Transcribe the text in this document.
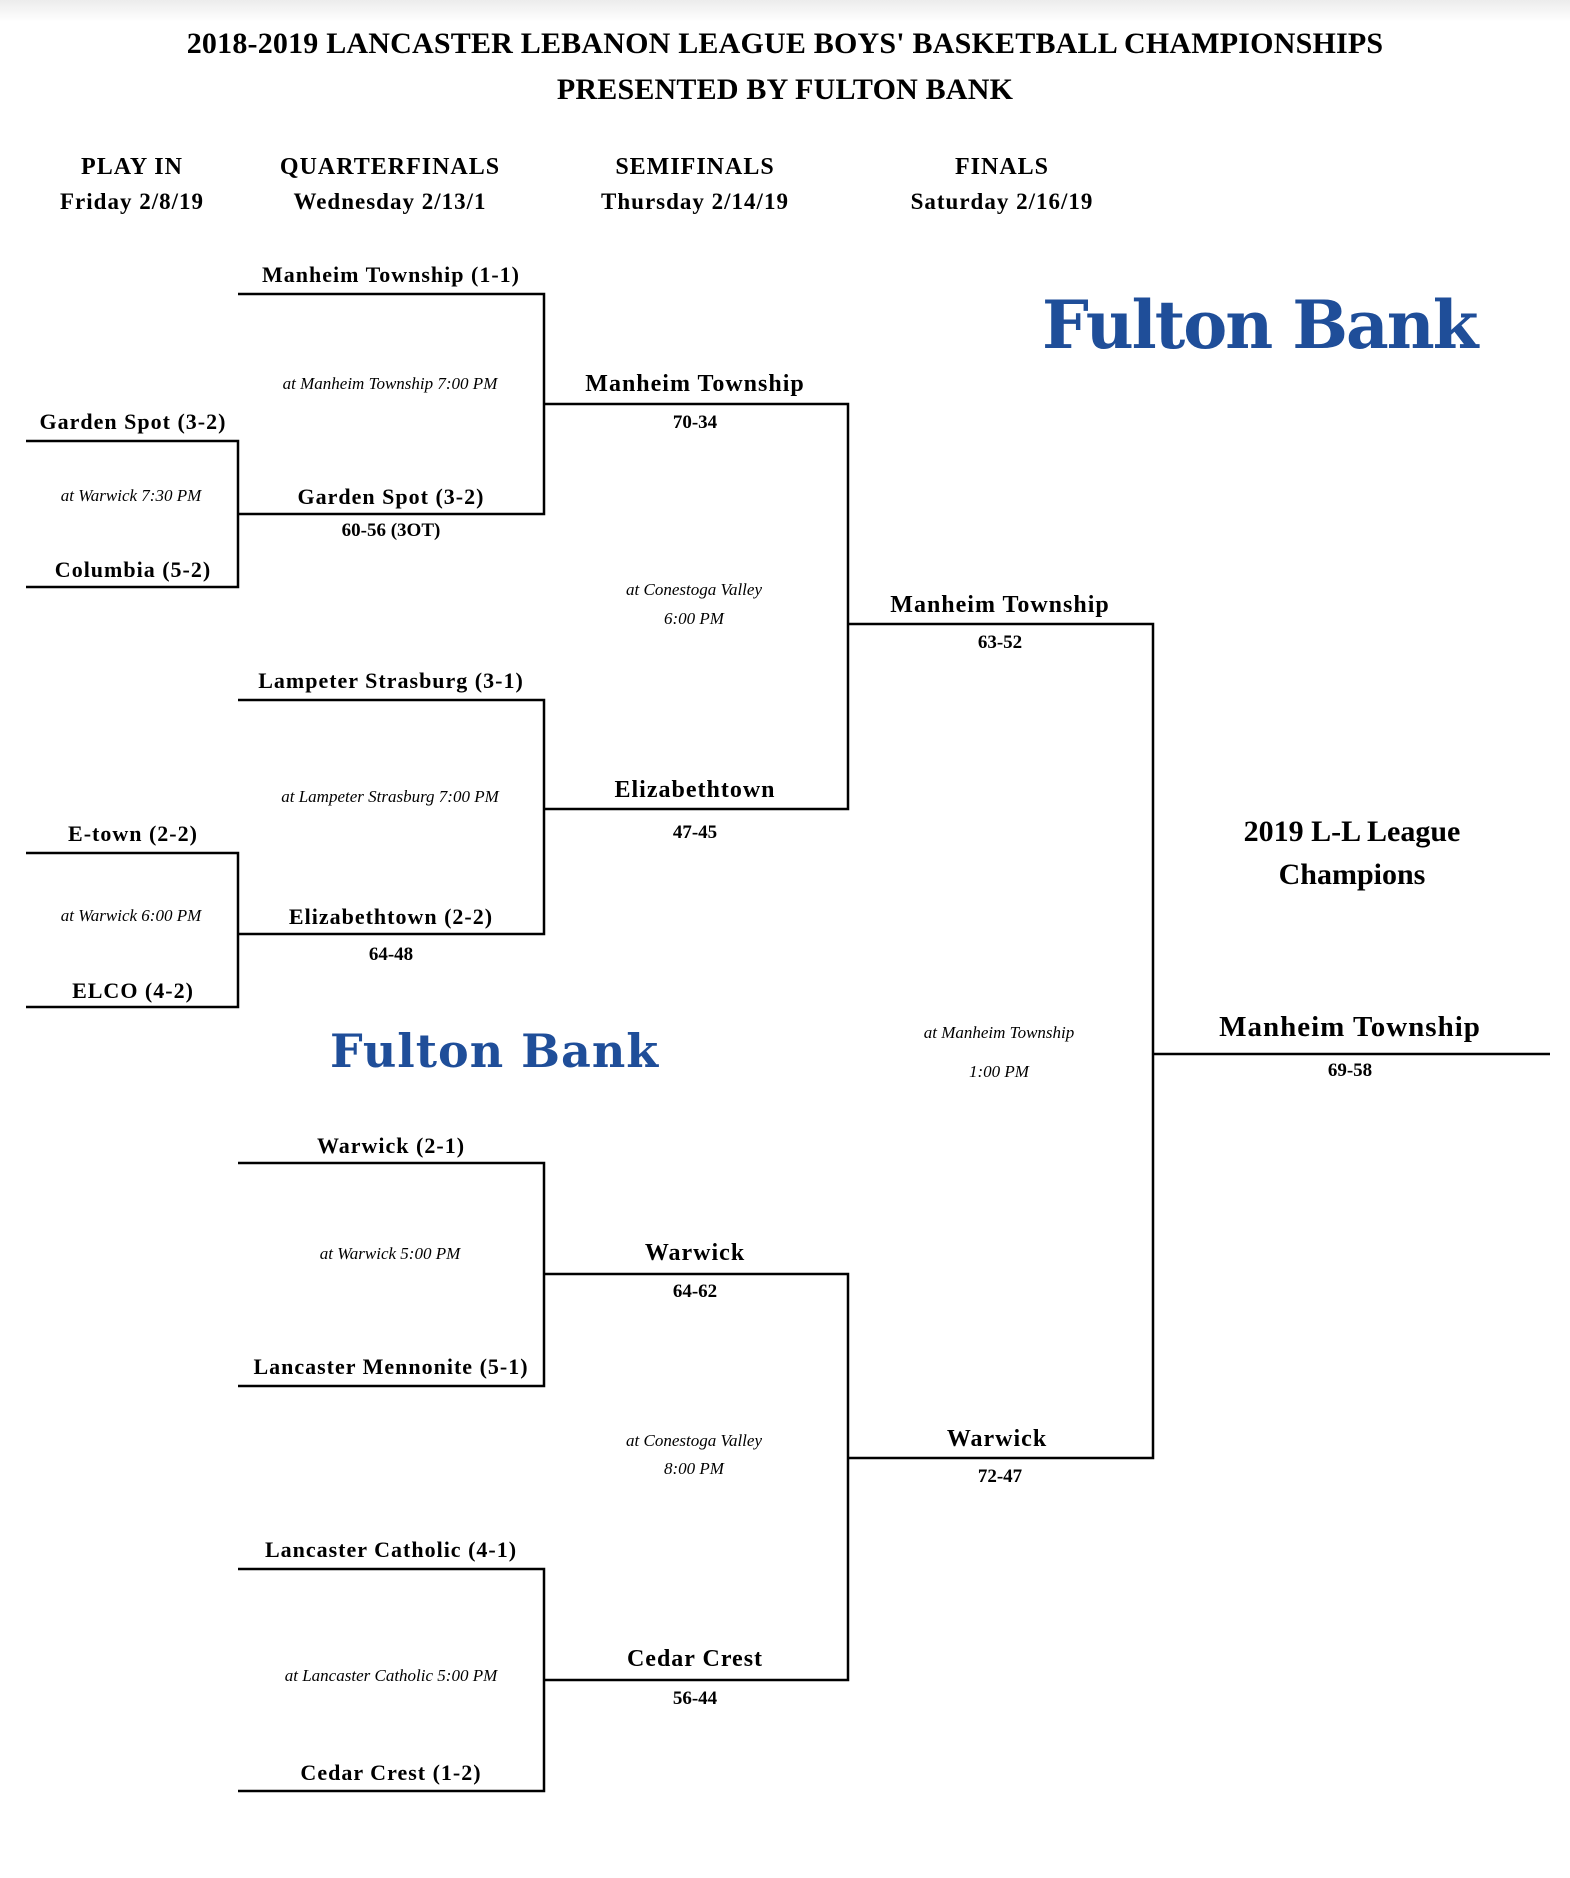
2018-2019 LANCASTER LEBANON LEAGUE BOYS' BASKETBALL CHAMPIONSHIPS
PRESENTED BY FULTON BANK
PLAY IN
Friday 2/8/19
QUARTERFINALS
Wednesday 2/13/1
SEMIFINALS
Thursday 2/14/19
FINALS
Saturday 2/16/19
Garden Spot (3-2)
at Warwick 7:30 PM
Columbia (5-2)
E-town (2-2)
at Warwick 6:00 PM
ELCO (4-2)
Manheim Township (1-1)
at Manheim Township 7:00 PM
Garden Spot (3-2)
60-56 (3OT)
Lampeter Strasburg (3-1)
at Lampeter Strasburg 7:00 PM
Elizabethtown (2-2)
64-48
Warwick (2-1)
at Warwick 5:00 PM
Lancaster Mennonite (5-1)
Lancaster Catholic (4-1)
at Lancaster Catholic 5:00 PM
Cedar Crest (1-2)
Manheim Township
70-34
Elizabethtown
47-45
Warwick
64-62
Cedar Crest
56-44
at Conestoga Valley
6:00 PM
at Conestoga Valley
8:00 PM
Manheim Township
63-52
Warwick
72-47
at Manheim Township
1:00 PM
2019 L-L League
Champions
Manheim Township
69-58
Fulton Bank
Fulton Bank
